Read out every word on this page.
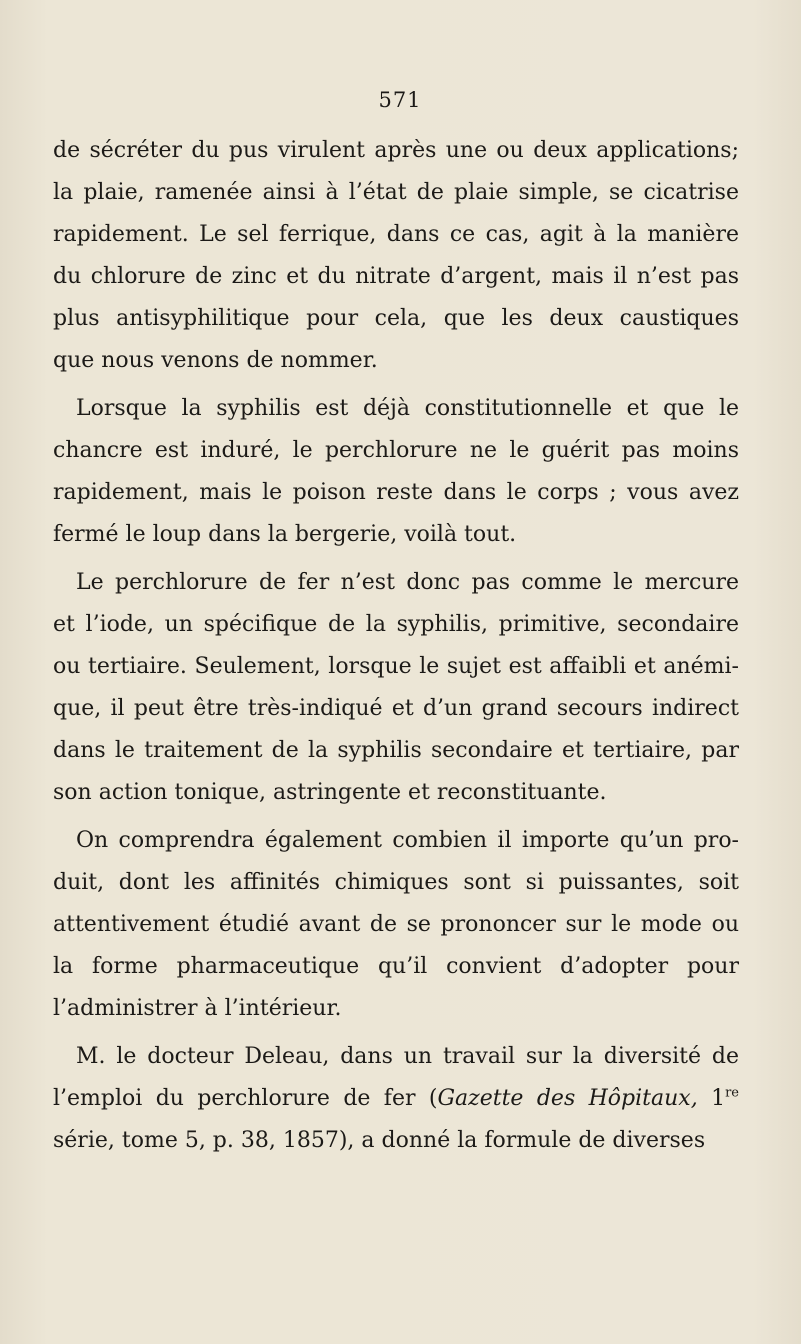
571

de sécréter du pus virulent après une ou deux applications;

la plaie, ramenée ainsi à l’état de plaie simple, se cicatrise

rapidement. Le sel ferrique, dans ce cas, agit à la manière

du chlorure de zinc et du nitrate d’argent, mais il n’est pas

plus antisyphilitique pour cela, que les deux caustiques

que nous venons de nommer.

Lorsque la syphilis est déjà constitutionnelle et que le

chancre est induré, le perchlorure ne le guérit pas moins

rapidement, mais le poison reste dans le corps ; vous avez

fermé le loup dans la bergerie, voilà tout.

Le perchlorure de fer n’est donc pas comme le mercure

et l’iode, un spécifique de la syphilis, primitive, secondaire

ou tertiaire. Seulement, lorsque le sujet est affaibli et anémi-

que, il peut être très-indiqué et d’un grand secours indirect

dans le traitement de la syphilis secondaire et tertiaire, par

son action tonique, astringente et reconstituante.

On comprendra également combien il importe qu’un pro-

duit, dont les affinités chimiques sont si puissantes, soit

attentivement étudié avant de se prononcer sur le mode ou

la forme pharmaceutique qu’il convient d’adopter pour

l’administrer à l’intérieur.

M. le docteur Deleau, dans un travail sur la diversité de

l’emploi du perchlorure de fer (Gazette des Hôpitaux, 1re

série, tome 5, p. 38, 1857), a donné la formule de diverses
